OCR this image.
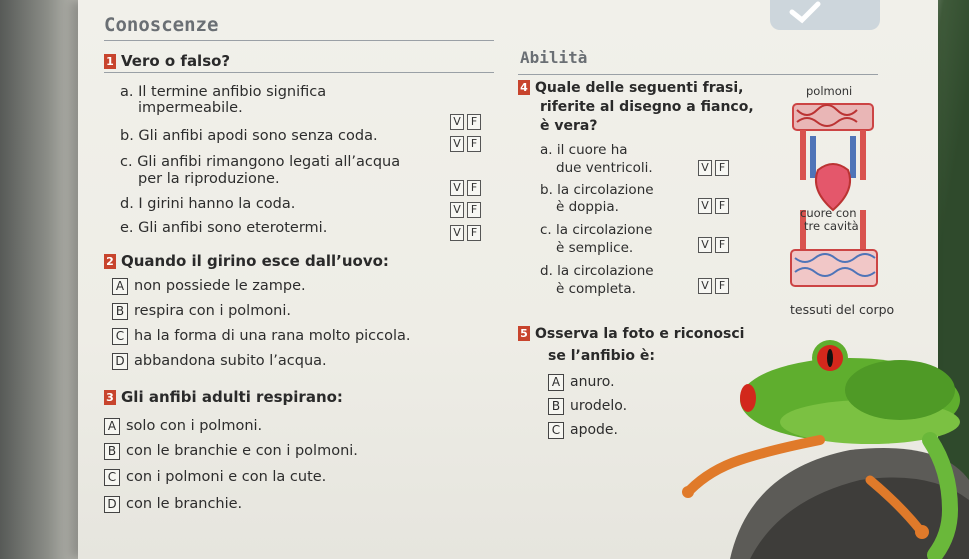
Conoscenze
Abilità
1 Vero o falso?
a. Il termine anfibio significa
impermeabile.
V F
b. Gli anfibi apodi sono senza coda.	V F
c. Gli anfibi rimangono legati all’acqua
per la riproduzione.
V F
d. I girini hanno la coda.	V F
e. Gli anfibi sono eterotermi.	V F
2 Quando il girino esce dall’uovo:
A non possiede le zampe.
B respira con i polmoni.
C ha la forma di una rana molto piccola.
D abbandona subito l’acqua.
3 Gli anfibi adulti respirano:
A solo con i polmoni.
B con le branchie e con i polmoni.
C con i polmoni e con la cute.
D con le branchie.
4 Quale delle seguenti frasi,
riferite al disegno a fianco,
è vera?
a. il cuore ha
due ventricoli.	V F
b. la circolazione
è doppia.	V F
c. la circolazione
è semplice.	V F
d. la circolazione
è completa.	V F
polmoni
cuore con
tre cavità
tessuti del corpo
5 Osserva la foto e riconosci
se l’anfibio è:
A anuro.
B urodelo.
C apode.
